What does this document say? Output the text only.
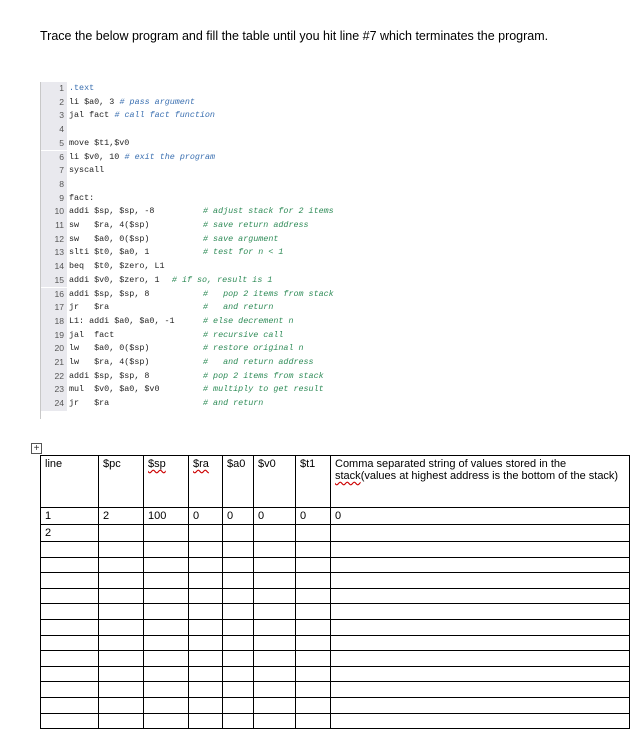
Trace the below program and fill the table until you hit line #7 which terminates the program.
1 .text
2 li $a0, 3 # pass argument
3 jal fact # call fact function
4
5 move $t1,$v0
6 li $v0, 10 # exit the program
7 syscall
8
9 fact:
10 addi $sp, $sp, -8	# adjust stack for 2 items
11 sw   $ra, 4($sp)	# save return address
12 sw   $a0, 0($sp)	# save argument
13 slti $t0, $a0, 1	# test for n < 1
14 beq  $t0, $zero, L1
15 addi $v0, $zero, 1 # if so, result is 1
16 addi $sp, $sp, 8	#   pop 2 items from stack
17 jr   $ra	#   and return
18 L1: addi $a0, $a0, -1	# else decrement n
19 jal  fact	# recursive call
20 lw   $a0, 0($sp)	# restore original n
21 lw   $ra, 4($sp)	#   and return address
22 addi $sp, $sp, 8	# pop 2 items from stack
23 mul  $v0, $a0, $v0	# multiply to get result
24 jr   $ra	# and return
+
line	$pc	$sp	$ra	$a0	$v0	$t1	Comma separated string of values stored in the stack(values at highest address is the bottom of the stack)
1	2	100	0	0	0	0	0
2							
